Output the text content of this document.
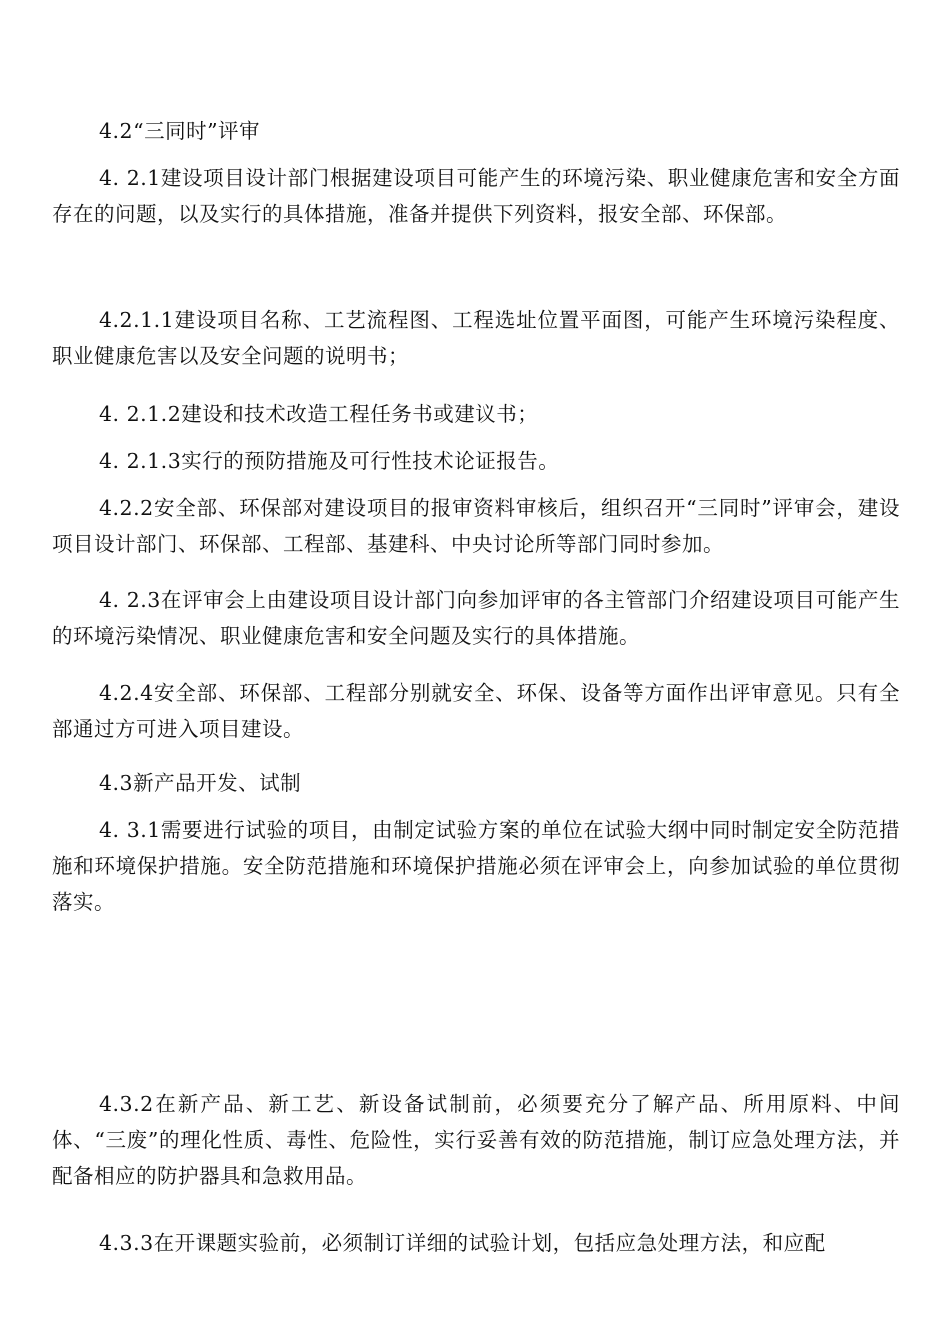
4.2“三同时”评审

4. 2.1建设项目设计部门根据建设项目可能产生的环境污染、职业健康危害和安全方面存在的问题，以及实行的具体措施，准备并提供下列资料，报安全部、环保部。

4.2.1.1建设项目名称、工艺流程图、工程选址位置平面图，可能产生环境污染程度、职业健康危害以及安全问题的说明书；

4. 2.1.2建设和技术改造工程任务书或建议书；

4. 2.1.3实行的预防措施及可行性技术论证报告。

4.2.2安全部、环保部对建设项目的报审资料审核后，组织召开“三同时”评审会，建设项目设计部门、环保部、工程部、基建科、中央讨论所等部门同时参加。

4. 2.3在评审会上由建设项目设计部门向参加评审的各主管部门介绍建设项目可能产生的环境污染情况、职业健康危害和安全问题及实行的具体措施。

4.2.4安全部、环保部、工程部分别就安全、环保、设备等方面作出评审意见。只有全部通过方可进入项目建设。

4.3新产品开发、试制

4. 3.1需要进行试验的项目，由制定试验方案的单位在试验大纲中同时制定安全防范措施和环境保护措施。安全防范措施和环境保护措施必须在评审会上，向参加试验的单位贯彻落实。

4.3.2在新产品、新工艺、新设备试制前，必须要充分了解产品、所用原料、中间体、“三废”的理化性质、毒性、危险性，实行妥善有效的防范措施，制订应急处理方法，并配备相应的防护器具和急救用品。

4.3.3在开课题实验前，必须制订详细的试验计划，包括应急处理方法，和应配
